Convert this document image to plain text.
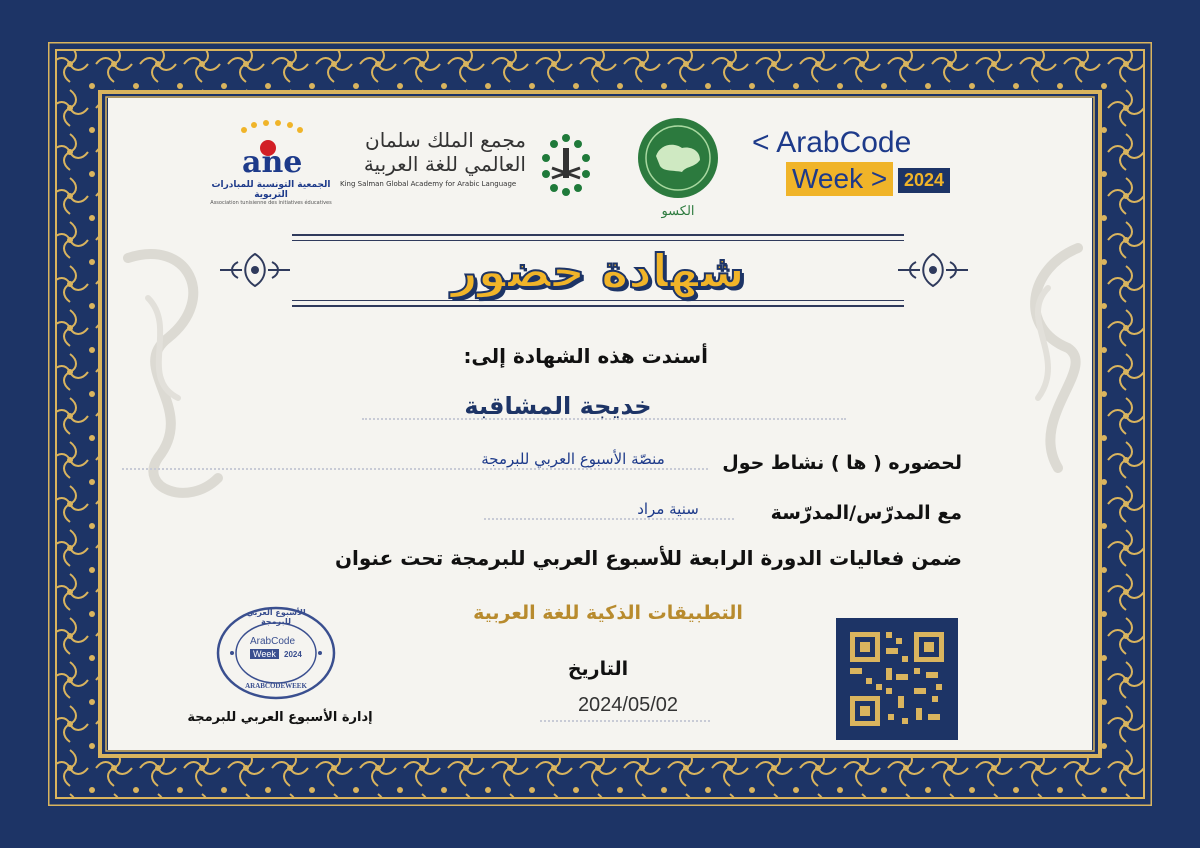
ane
الجمعية التونسية للمبادرات التربوية
Association tunisienne des initiatives éducatives
مجمع الملك سلمان
العالمي للغة العربية
King Salman Global Academy for Arabic Language
الكسو
< ArabCode
Week > 2024
شهادة حضور
أسندت هذه الشهادة إلى:
خديجة المشاقبة
لحضوره ( ها ) نشاط حول
منصّة الأسبوع العربي للبرمجة
مع المدرّس/المدرّسة
سنية مراد
ضمن فعاليات الدورة الرابعة للأسبوع العربي للبرمجة تحت عنوان
التطبيقات الذكية للغة العربية
التاريخ
2024/05/02
الأسبوع العربي للبرمجة
ArabCode
Week	2024
ARABCODEWEEK
إدارة الأسبوع العربي للبرمجة
